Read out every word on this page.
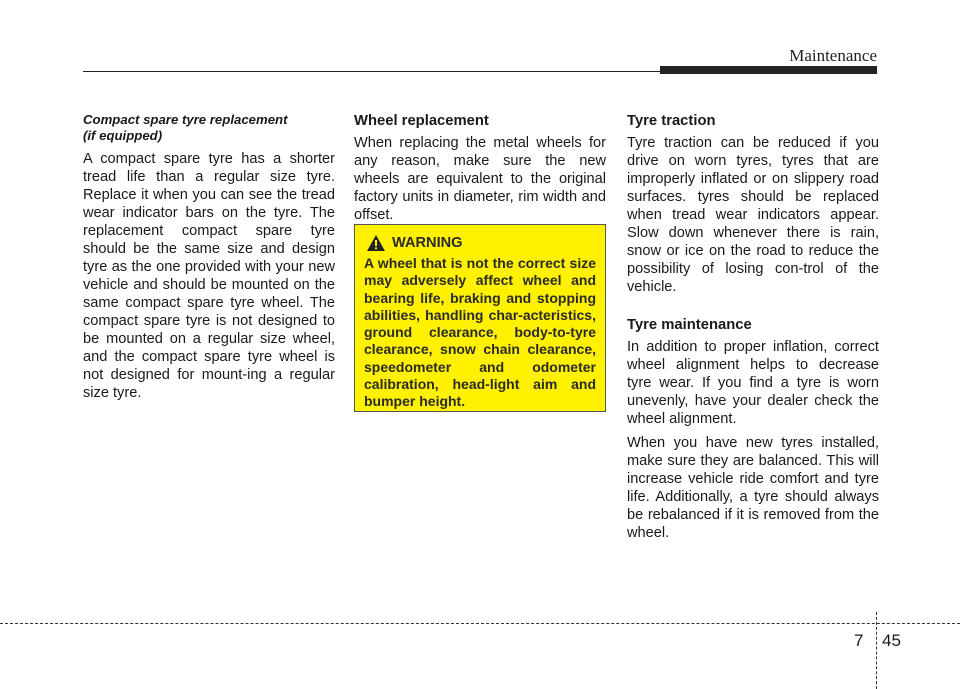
Maintenance
Compact spare tyre replacement
(if equipped)

A compact spare tyre has a shorter tread life than a regular size tyre. Replace it when you can see the tread wear indicator bars on the tyre. The replacement compact spare tyre should be the same size and design tyre as the one provided with your new vehicle and should be mounted on the same compact spare tyre wheel. The compact spare tyre is not designed to be mounted on a regular size wheel, and the compact spare tyre wheel is not designed for mount-ing a regular size tyre.

Wheel replacement

When replacing the metal wheels for any reason, make sure the new wheels are equivalent to the original factory units in diameter, rim width and offset.

WARNING
A wheel that is not the correct size may adversely affect wheel and bearing life, braking and stopping abilities, handling char-acteristics, ground clearance, body-to-tyre clearance, snow chain clearance, speedometer and odometer calibration, head-light aim and bumper height.
Tyre traction

Tyre traction can be reduced if you drive on worn tyres, tyres that are improperly inflated or on slippery road surfaces. tyres should be replaced when tread wear indicators appear. Slow down whenever there is rain, snow or ice on the road to reduce the possibility of losing con-trol of the vehicle.

Tyre maintenance

In addition to proper inflation, correct wheel alignment helps to decrease tyre wear. If you find a tyre is worn unevenly, have your dealer check the wheel alignment.

When you have new tyres installed, make sure they are balanced. This will increase vehicle ride comfort and tyre life. Additionally, a tyre should always be rebalanced if it is removed from the wheel.

7 45
